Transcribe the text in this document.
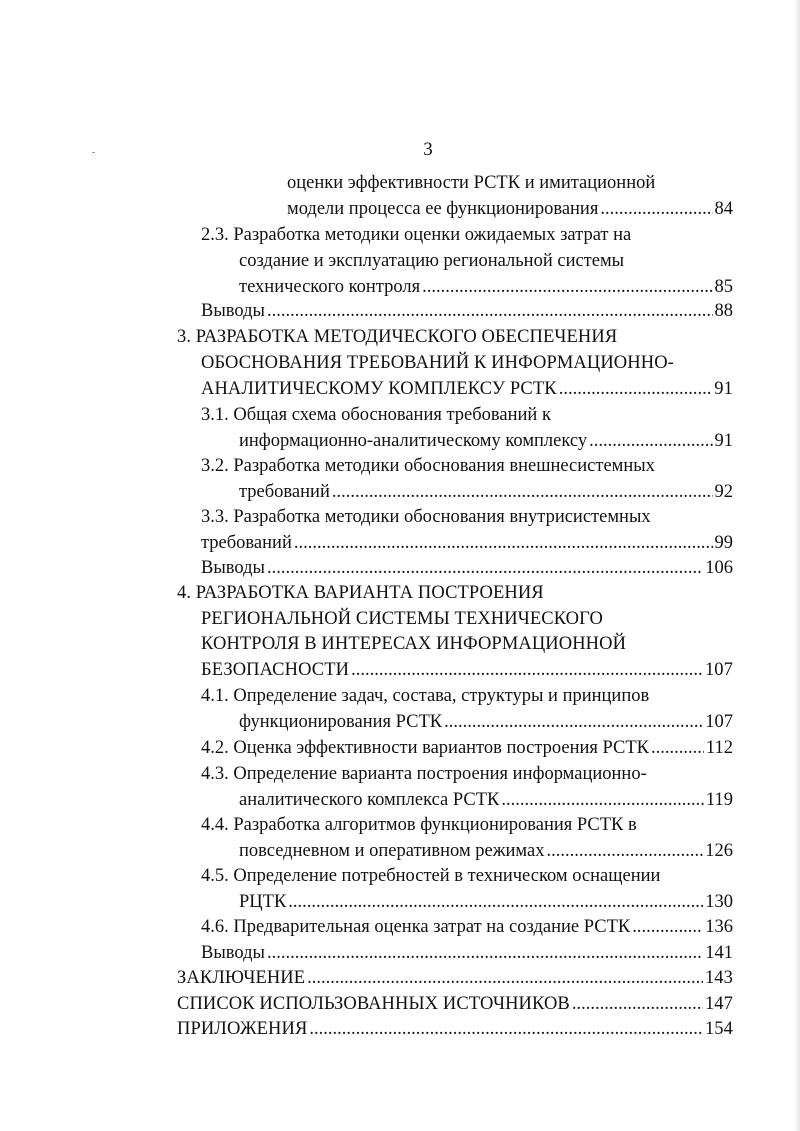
3
оценки эффективности РСТК и имитационной
модели процесса ее функционирования .....	84
2.3. Разработка методики оценки ожидаемых затрат на
создание и эксплуатацию региональной системы
технического контроля .....	85
Выводы .....	88
3. РАЗРАБОТКА МЕТОДИЧЕСКОГО ОБЕСПЕЧЕНИЯ
ОБОСНОВАНИЯ ТРЕБОВАНИЙ К ИНФОРМАЦИОННО-
АНАЛИТИЧЕСКОМУ КОМПЛЕКСУ РСТК .....	91
3.1. Общая схема обоснования требований к
информационно-аналитическому комплексу .....	91
3.2. Разработка методики обоснования внешнесистемных
требований .....	92
3.3. Разработка методики обоснования внутрисистемных
требований .....	99
Выводы .....	106
4. РАЗРАБОТКА ВАРИАНТА ПОСТРОЕНИЯ
РЕГИОНАЛЬНОЙ СИСТЕМЫ ТЕХНИЧЕСКОГО
КОНТРОЛЯ В ИНТЕРЕСАХ ИНФОРМАЦИОННОЙ
БЕЗОПАСНОСТИ .....	107
4.1. Определение задач, состава, структуры и принципов
функционирования РСТК .....	107
4.2. Оценка эффективности вариантов построения РСТК .....	112
4.3. Определение варианта построения информационно-
аналитического комплекса РСТК .....	119
4.4. Разработка алгоритмов функционирования РСТК в
повседневном и оперативном режимах .....	126
4.5. Определение потребностей в техническом оснащении
РЦТК .....	130
4.6. Предварительная оценка затрат на создание РСТК .....	136
Выводы .....	141
ЗАКЛЮЧЕНИЕ .....	143
СПИСОК ИСПОЛЬЗОВАННЫХ ИСТОЧНИКОВ .....	147
ПРИЛОЖЕНИЯ .....	154
